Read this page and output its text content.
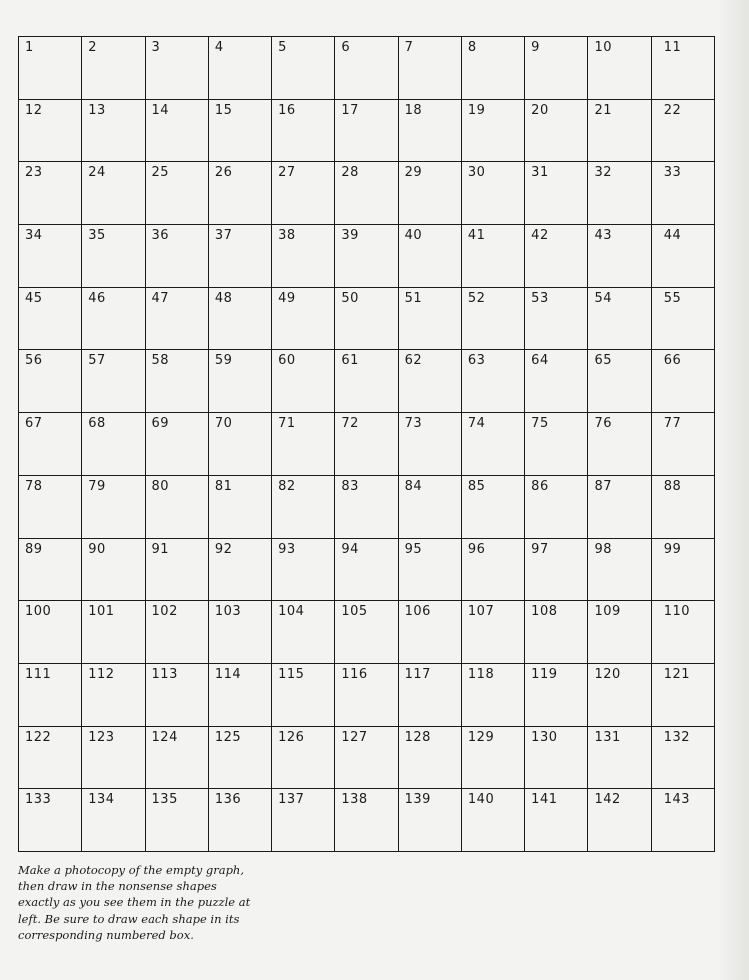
1	2	3	4	5	6	7	8	9	10	11
12	13	14	15	16	17	18	19	20	21	22
23	24	25	26	27	28	29	30	31	32	33
34	35	36	37	38	39	40	41	42	43	44
45	46	47	48	49	50	51	52	53	54	55
56	57	58	59	60	61	62	63	64	65	66
67	68	69	70	71	72	73	74	75	76	77
78	79	80	81	82	83	84	85	86	87	88
89	90	91	92	93	94	95	96	97	98	99
100	101	102	103	104	105	106	107	108	109	110
111	112	113	114	115	116	117	118	119	120	121
122	123	124	125	126	127	128	129	130	131	132
133	134	135	136	137	138	139	140	141	142	143

Make a photocopy of the empty graph, then draw in the nonsense shapes exactly as you see them in the puzzle at left. Be sure to draw each shape in its corresponding numbered box.
